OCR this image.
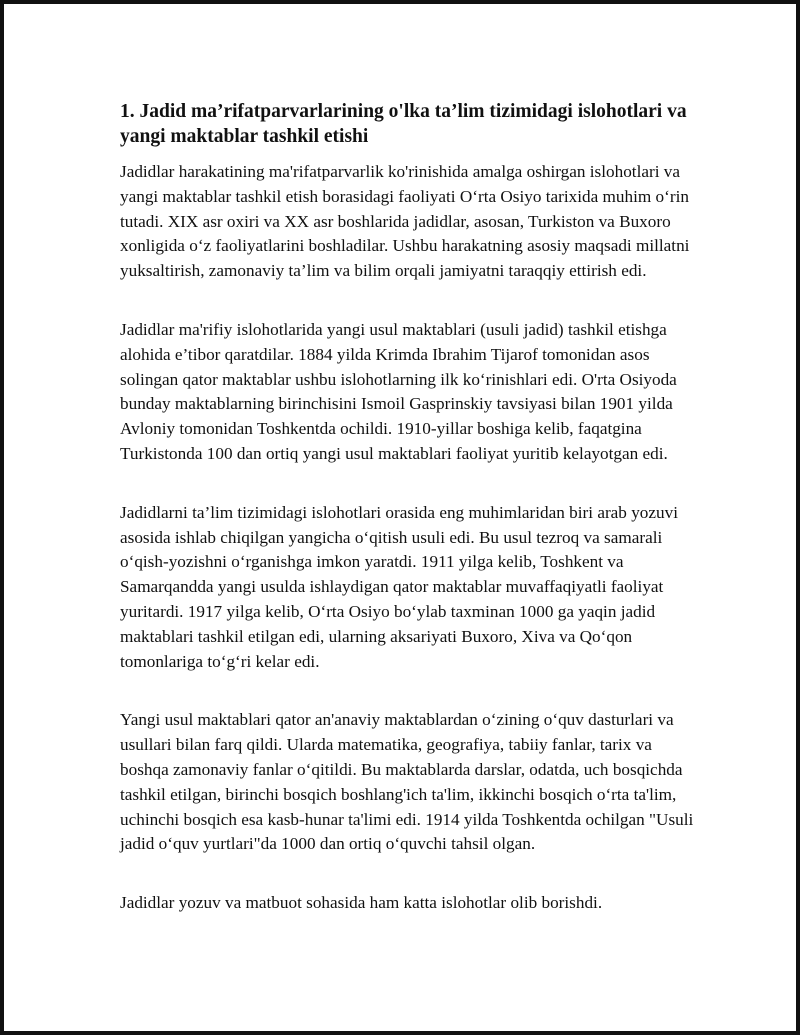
1. Jadid ma’rifatparvarlarining o'lka ta’lim tizimidagi islohotlari va yangi maktablar tashkil etishi

Jadidlar harakatining ma'rifatparvarlik ko'rinishida amalga oshirgan islohotlari va yangi maktablar tashkil etish borasidagi faoliyati O‘rta Osiyo tarixida muhim o‘rin tutadi. XIX asr oxiri va XX asr boshlarida jadidlar, asosan, Turkiston va Buxoro xonligida o‘z faoliyatlarini boshladilar. Ushbu harakatning asosiy maqsadi millatni yuksaltirish, zamonaviy ta’lim va bilim orqali jamiyatni taraqqiy ettirish edi.

Jadidlar ma'rifiy islohotlarida yangi usul maktablari (usuli jadid) tashkil etishga alohida e’tibor qaratdilar. 1884 yilda Krimda Ibrahim Tijarof tomonidan asos solingan qator maktablar ushbu islohotlarning ilk ko‘rinishlari edi. O'rta Osiyoda bunday maktablarning birinchisini Ismoil Gasprinskiy tavsiyasi bilan 1901 yilda Avloniy tomonidan Toshkentda ochildi. 1910-yillar boshiga kelib, faqatgina Turkistonda 100 dan ortiq yangi usul maktablari faoliyat yuritib kelayotgan edi.

Jadidlarni ta’lim tizimidagi islohotlari orasida eng muhimlaridan biri arab yozuvi asosida ishlab chiqilgan yangicha o‘qitish usuli edi. Bu usul tezroq va samarali o‘qish-yozishni o‘rganishga imkon yaratdi. 1911 yilga kelib, Toshkent va Samarqandda yangi usulda ishlaydigan qator maktablar muvaffaqiyatli faoliyat yuritardi. 1917 yilga kelib, O‘rta Osiyo bo‘ylab taxminan 1000 ga yaqin jadid maktablari tashkil etilgan edi, ularning aksariyati Buxoro, Xiva va Qo‘qon tomonlariga to‘g‘ri kelar edi.

Yangi usul maktablari qator an'anaviy maktablardan o‘zining o‘quv dasturlari va usullari bilan farq qildi. Ularda matematika, geografiya, tabiiy fanlar, tarix va boshqa zamonaviy fanlar o‘qitildi. Bu maktablarda darslar, odatda, uch bosqichda tashkil etilgan, birinchi bosqich boshlang'ich ta'lim, ikkinchi bosqich o‘rta ta'lim, uchinchi bosqich esa kasb-hunar ta'limi edi. 1914 yilda Toshkentda ochilgan "Usuli jadid o‘quv yurtlari"da 1000 dan ortiq o‘quvchi tahsil olgan.

Jadidlar yozuv va matbuot sohasida ham katta islohotlar olib borishdi.
